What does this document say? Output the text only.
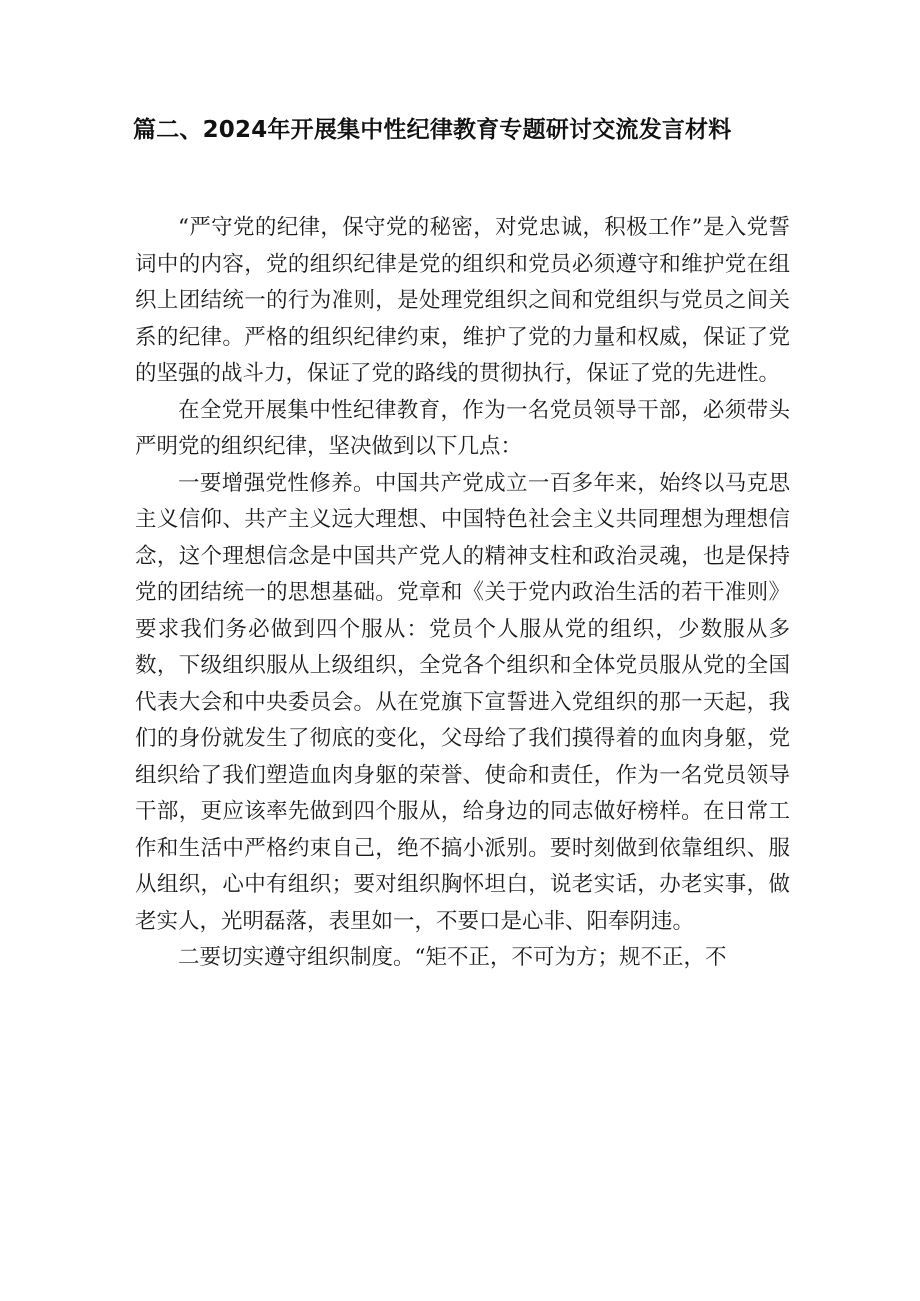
篇二、2024年开展集中性纪律教育专题研讨交流发言材料

“严守党的纪律，保守党的秘密，对党忠诚，积极工作”是入党誓词中的内容，党的组织纪律是党的组织和党员必须遵守和维护党在组织上团结统一的行为准则，是处理党组织之间和党组织与党员之间关系的纪律。严格的组织纪律约束，维护了党的力量和权威，保证了党的坚强的战斗力，保证了党的路线的贯彻执行，保证了党的先进性。

在全党开展集中性纪律教育，作为一名党员领导干部，必须带头严明党的组织纪律，坚决做到以下几点：

一要增强党性修养。中国共产党成立一百多年来，始终以马克思主义信仰、共产主义远大理想、中国特色社会主义共同理想为理想信念，这个理想信念是中国共产党人的精神支柱和政治灵魂，也是保持党的团结统一的思想基础。党章和《关于党内政治生活的若干准则》要求我们务必做到四个服从：党员个人服从党的组织，少数服从多数，下级组织服从上级组织，全党各个组织和全体党员服从党的全国代表大会和中央委员会。从在党旗下宣誓进入党组织的那一天起，我们的身份就发生了彻底的变化，父母给了我们摸得着的血肉身躯，党组织给了我们塑造血肉身躯的荣誉、使命和责任，作为一名党员领导干部，更应该率先做到四个服从，给身边的同志做好榜样。在日常工作和生活中严格约束自己，绝不搞小派别。要时刻做到依靠组织、服从组织，心中有组织；要对组织胸怀坦白，说老实话，办老实事，做老实人，光明磊落，表里如一，不要口是心非、阳奉阴违。

二要切实遵守组织制度。“矩不正，不可为方；规不正，不
